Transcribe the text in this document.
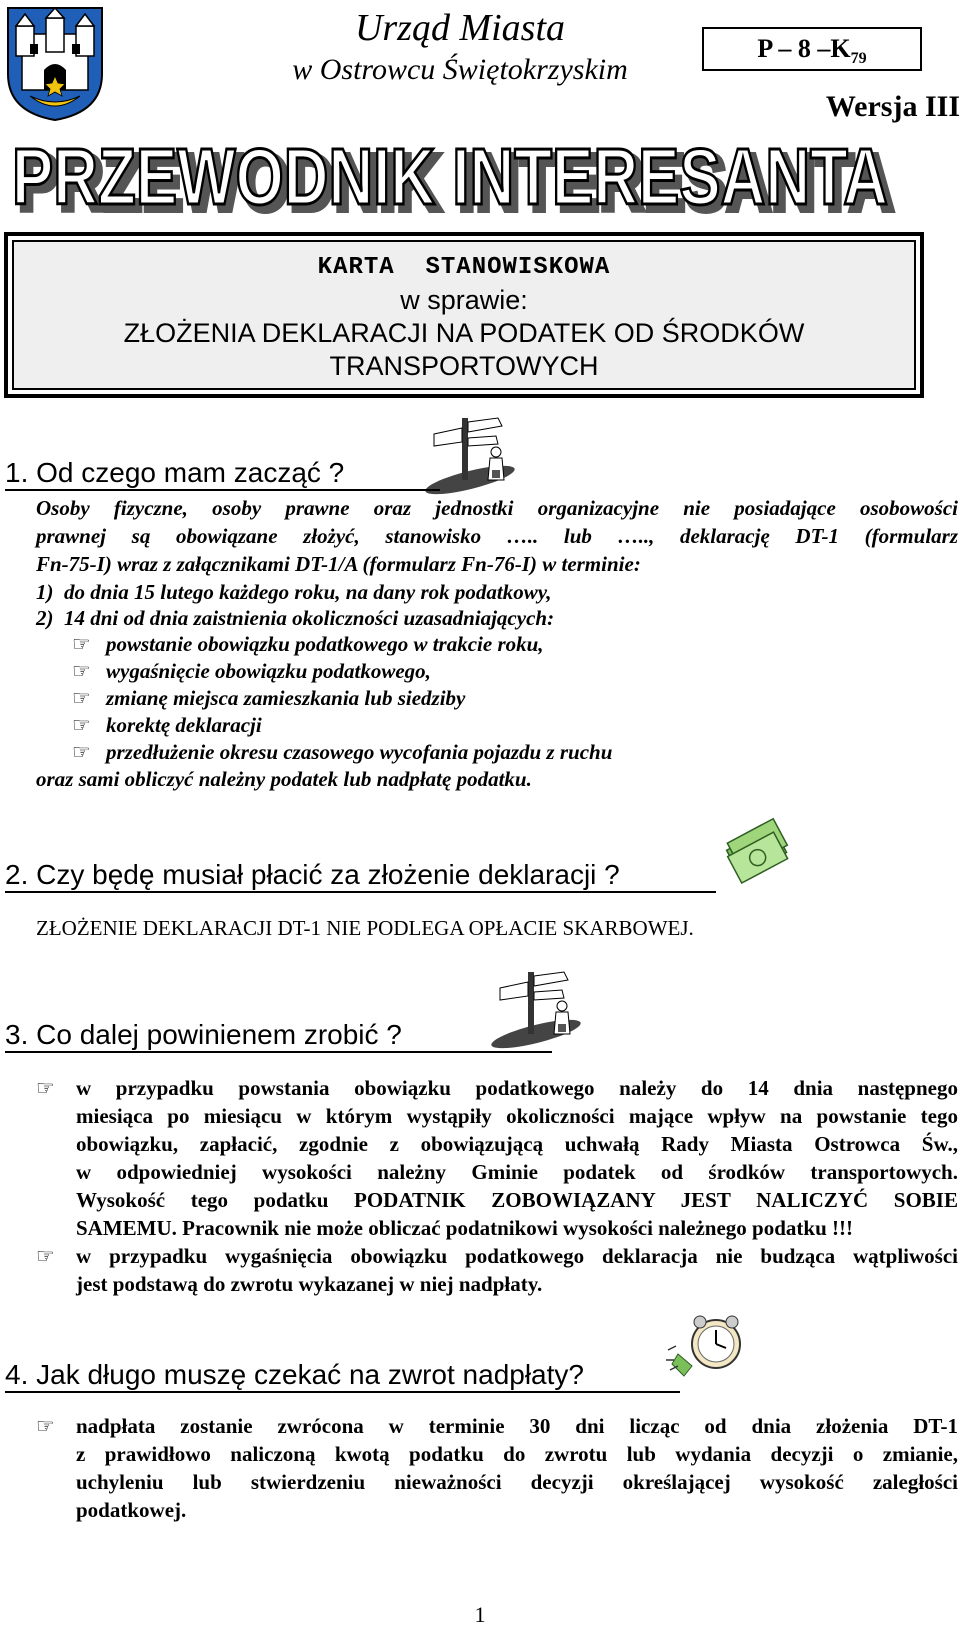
Urząd Miasta
w Ostrowcu Świętokrzyskim
P – 8 $-K_{79}$
Wersja III
PRZEWODNIK INTERESANTA
PRZEWODNIK INTERESANTA
KARTA  STANOWISKOWA
w sprawie:
ZŁOŻENIA DEKLARACJI NA PODATEK OD ŚRODKÓW
TRANSPORTOWYCH
1. Od czego mam zacząć ?
Osoby fizyczne, osoby prawne oraz jednostki organizacyjne nie posiadające osobowości
prawnej są obowiązane złożyć, stanowisko ….. lub ….., deklarację DT-1 (formularz
Fn-75-I) wraz z załącznikami DT-1/A (formularz Fn-76-I) w terminie:
1)  do dnia 15 lutego każdego roku, na dany rok podatkowy,
2)  14 dni od dnia zaistnienia okoliczności uzasadniających:
☞ powstanie obowiązku podatkowego w trakcie roku,
☞ wygaśnięcie obowiązku podatkowego,
☞ zmianę miejsca zamieszkania lub siedziby
☞ korektę deklaracji
☞ przedłużenie okresu czasowego wycofania pojazdu z ruchu
oraz sami obliczyć należny podatek lub nadpłatę podatku.
2. Czy będę musiał płacić za złożenie deklaracji ?
ZŁOŻENIE DEKLARACJI DT-1 NIE PODLEGA OPŁACIE SKARBOWEJ.
3. Co dalej powinienem zrobić ?
☞	w przypadku powstania obowiązku podatkowego należy do 14 dnia następnego
miesiąca po miesiącu w którym wystąpiły okoliczności mające wpływ na powstanie tego
obowiązku, zapłacić, zgodnie z obowiązującą uchwałą Rady Miasta Ostrowca Św.,
w odpowiedniej wysokości należny Gminie podatek od środków transportowych.
Wysokość tego podatku PODATNIK ZOBOWIĄZANY JEST NALICZYĆ SOBIE
SAMEMU. Pracownik nie może obliczać podatnikowi wysokości należnego podatku !!!
☞	w przypadku wygaśnięcia obowiązku podatkowego deklaracja nie budząca wątpliwości
jest podstawą do zwrotu wykazanej w niej nadpłaty.
4. Jak długo muszę czekać na zwrot nadpłaty?
☞	nadpłata zostanie zwrócona w terminie 30 dni licząc od dnia złożenia DT-1
z prawidłowo naliczoną kwotą podatku do zwrotu lub wydania decyzji o zmianie,
uchyleniu lub stwierdzeniu nieważności decyzji określającej wysokość zaległości
podatkowej.
1
